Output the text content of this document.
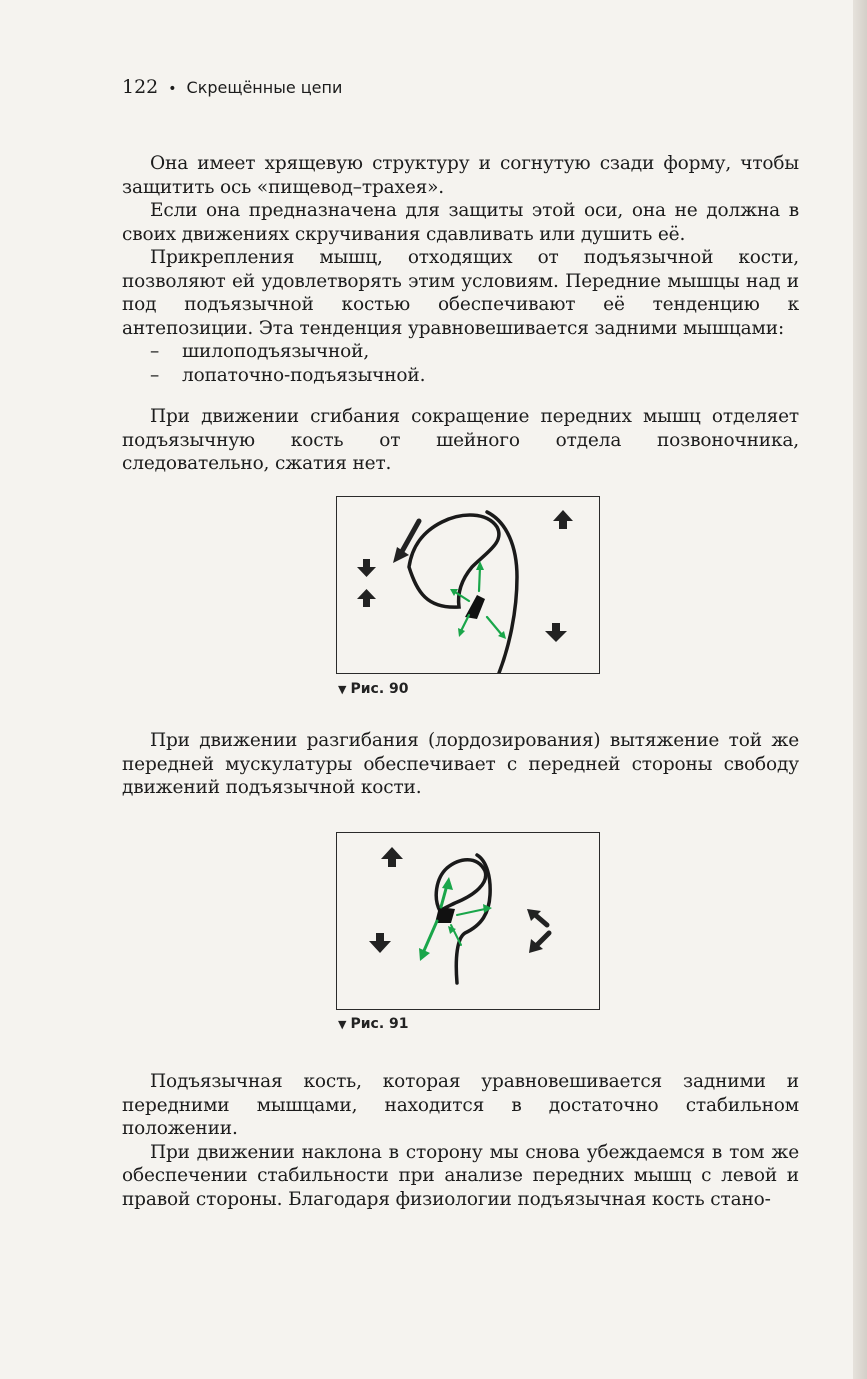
122 • Скрещённые цепи

Она имеет хрящевую структуру и согнутую сзади форму, чтобы защитить ось «пищевод–трахея».

Если она предназначена для защиты этой оси, она не должна в своих движениях скручивания сдавливать или душить её.

Прикрепления мышц, отходящих от подъязычной кости, позволяют ей удовлетворять этим условиям. Передние мышцы над и под подъязычной костью обеспечивают её тенденцию к антепозиции. Эта тенденция уравновешивается задними мышцами:

– шилоподъязычной,
– лопаточно-подъязычной.

При движении сгибания сокращение передних мышц отделяет подъязычную кость от шейного отдела позвоночника, следовательно, сжатия нет.

▼ Рис. 90

При движении разгибания (лордозирования) вытяжение той же передней мускулатуры обеспечивает с передней стороны свободу движений подъязычной кости.

▼ Рис. 91

Подъязычная кость, которая уравновешивается задними и передними мышцами, находится в достаточно стабильном положении.

При движении наклона в сторону мы снова убеждаемся в том же обеспечении стабильности при анализе передних мышц с левой и правой стороны. Благодаря физиологии подъязычная кость стано-
